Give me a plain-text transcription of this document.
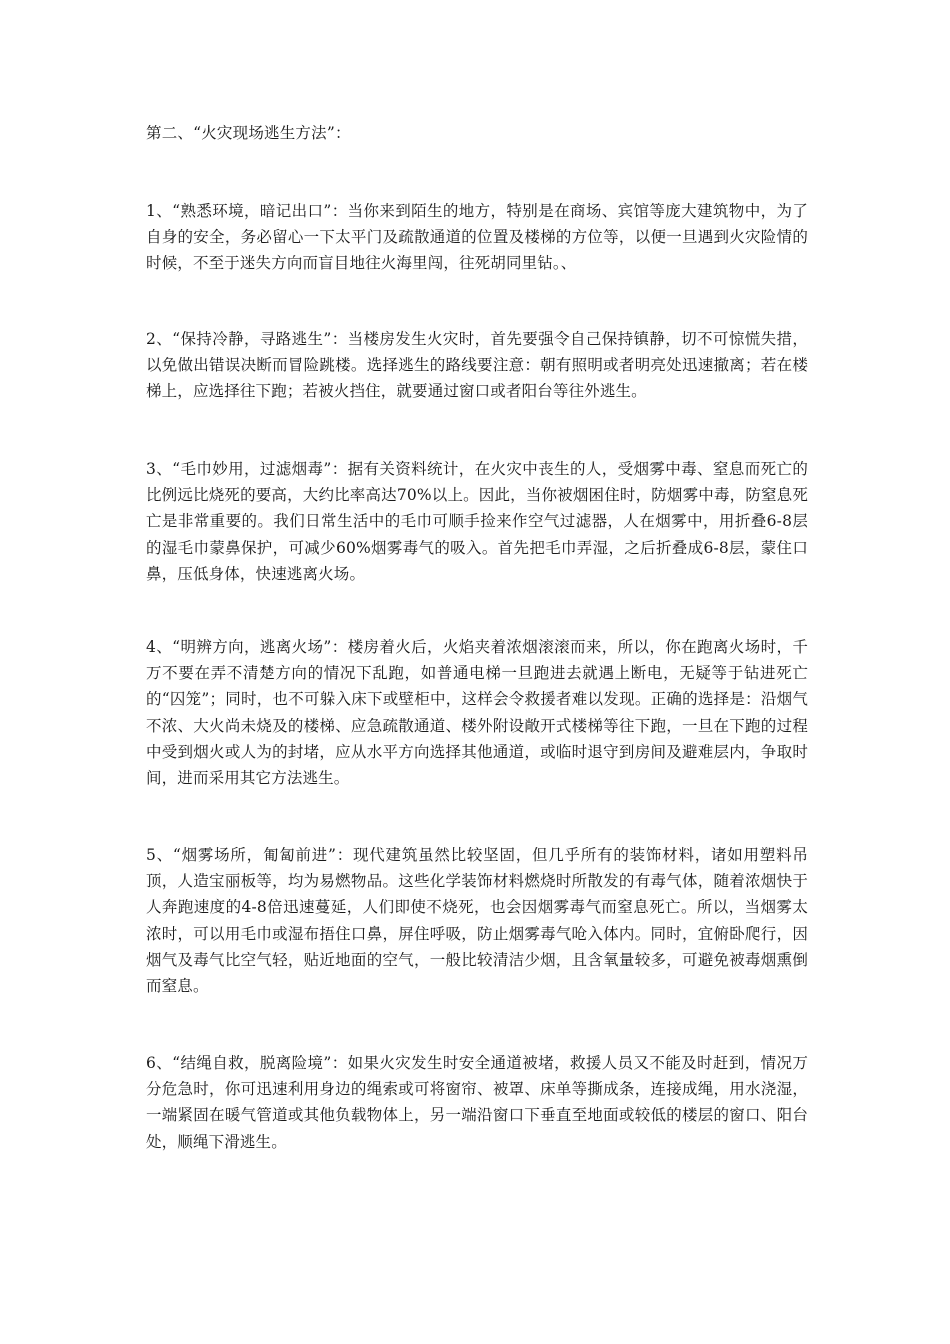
第二、“火灾现场逃生方法”：
1、“熟悉环境，暗记出口”：当你来到陌生的地方，特别是在商场、宾馆等庞大建筑物中，为了自身的安全，务必留心一下太平门及疏散通道的位置及楼梯的方位等，以便一旦遇到火灾险情的时候，不至于迷失方向而盲目地往火海里闯，往死胡同里钻。、
2、“保持冷静，寻路逃生”：当楼房发生火灾时，首先要强令自己保持镇静，切不可惊慌失措，以免做出错误决断而冒险跳楼。选择逃生的路线要注意：朝有照明或者明亮处迅速撤离；若在楼梯上，应选择往下跑；若被火挡住，就要通过窗口或者阳台等往外逃生。
3、“毛巾妙用，过滤烟毒”：据有关资料统计，在火灾中丧生的人，受烟雾中毒、窒息而死亡的比例远比烧死的要高，大约比率高达70%以上。因此，当你被烟困住时，防烟雾中毒，防窒息死亡是非常重要的。我们日常生活中的毛巾可顺手捡来作空气过滤器，人在烟雾中，用折叠6-8层的湿毛巾蒙鼻保护，可减少60%烟雾毒气的吸入。首先把毛巾弄湿，之后折叠成6-8层，蒙住口鼻，压低身体，快速逃离火场。
4、“明辨方向，逃离火场”：楼房着火后，火焰夹着浓烟滚滚而来，所以，你在跑离火场时，千万不要在弄不清楚方向的情况下乱跑，如普通电梯一旦跑进去就遇上断电，无疑等于钻进死亡的“囚笼”；同时，也不可躲入床下或壁柜中，这样会令救援者难以发现。正确的选择是：沿烟气不浓、大火尚未烧及的楼梯、应急疏散通道、楼外附设敞开式楼梯等往下跑，一旦在下跑的过程中受到烟火或人为的封堵，应从水平方向选择其他通道，或临时退守到房间及避难层内，争取时间，进而采用其它方法逃生。
5、“烟雾场所，匍匐前进”：现代建筑虽然比较坚固，但几乎所有的装饰材料，诸如用塑料吊顶，人造宝丽板等，均为易燃物品。这些化学装饰材料燃烧时所散发的有毒气体，随着浓烟快于人奔跑速度的4-8倍迅速蔓延，人们即使不烧死，也会因烟雾毒气而窒息死亡。所以，当烟雾太浓时，可以用毛巾或湿布捂住口鼻，屏住呼吸，防止烟雾毒气呛入体内。同时，宜俯卧爬行，因烟气及毒气比空气轻，贴近地面的空气，一般比较清洁少烟，且含氧量较多，可避免被毒烟熏倒而窒息。
6、“结绳自救，脱离险境”：如果火灾发生时安全通道被堵，救援人员又不能及时赶到，情况万分危急时，你可迅速利用身边的绳索或可将窗帘、被罩、床单等撕成条，连接成绳，用水浇湿，一端紧固在暖气管道或其他负载物体上，另一端沿窗口下垂直至地面或较低的楼层的窗口、阳台处，顺绳下滑逃生。
